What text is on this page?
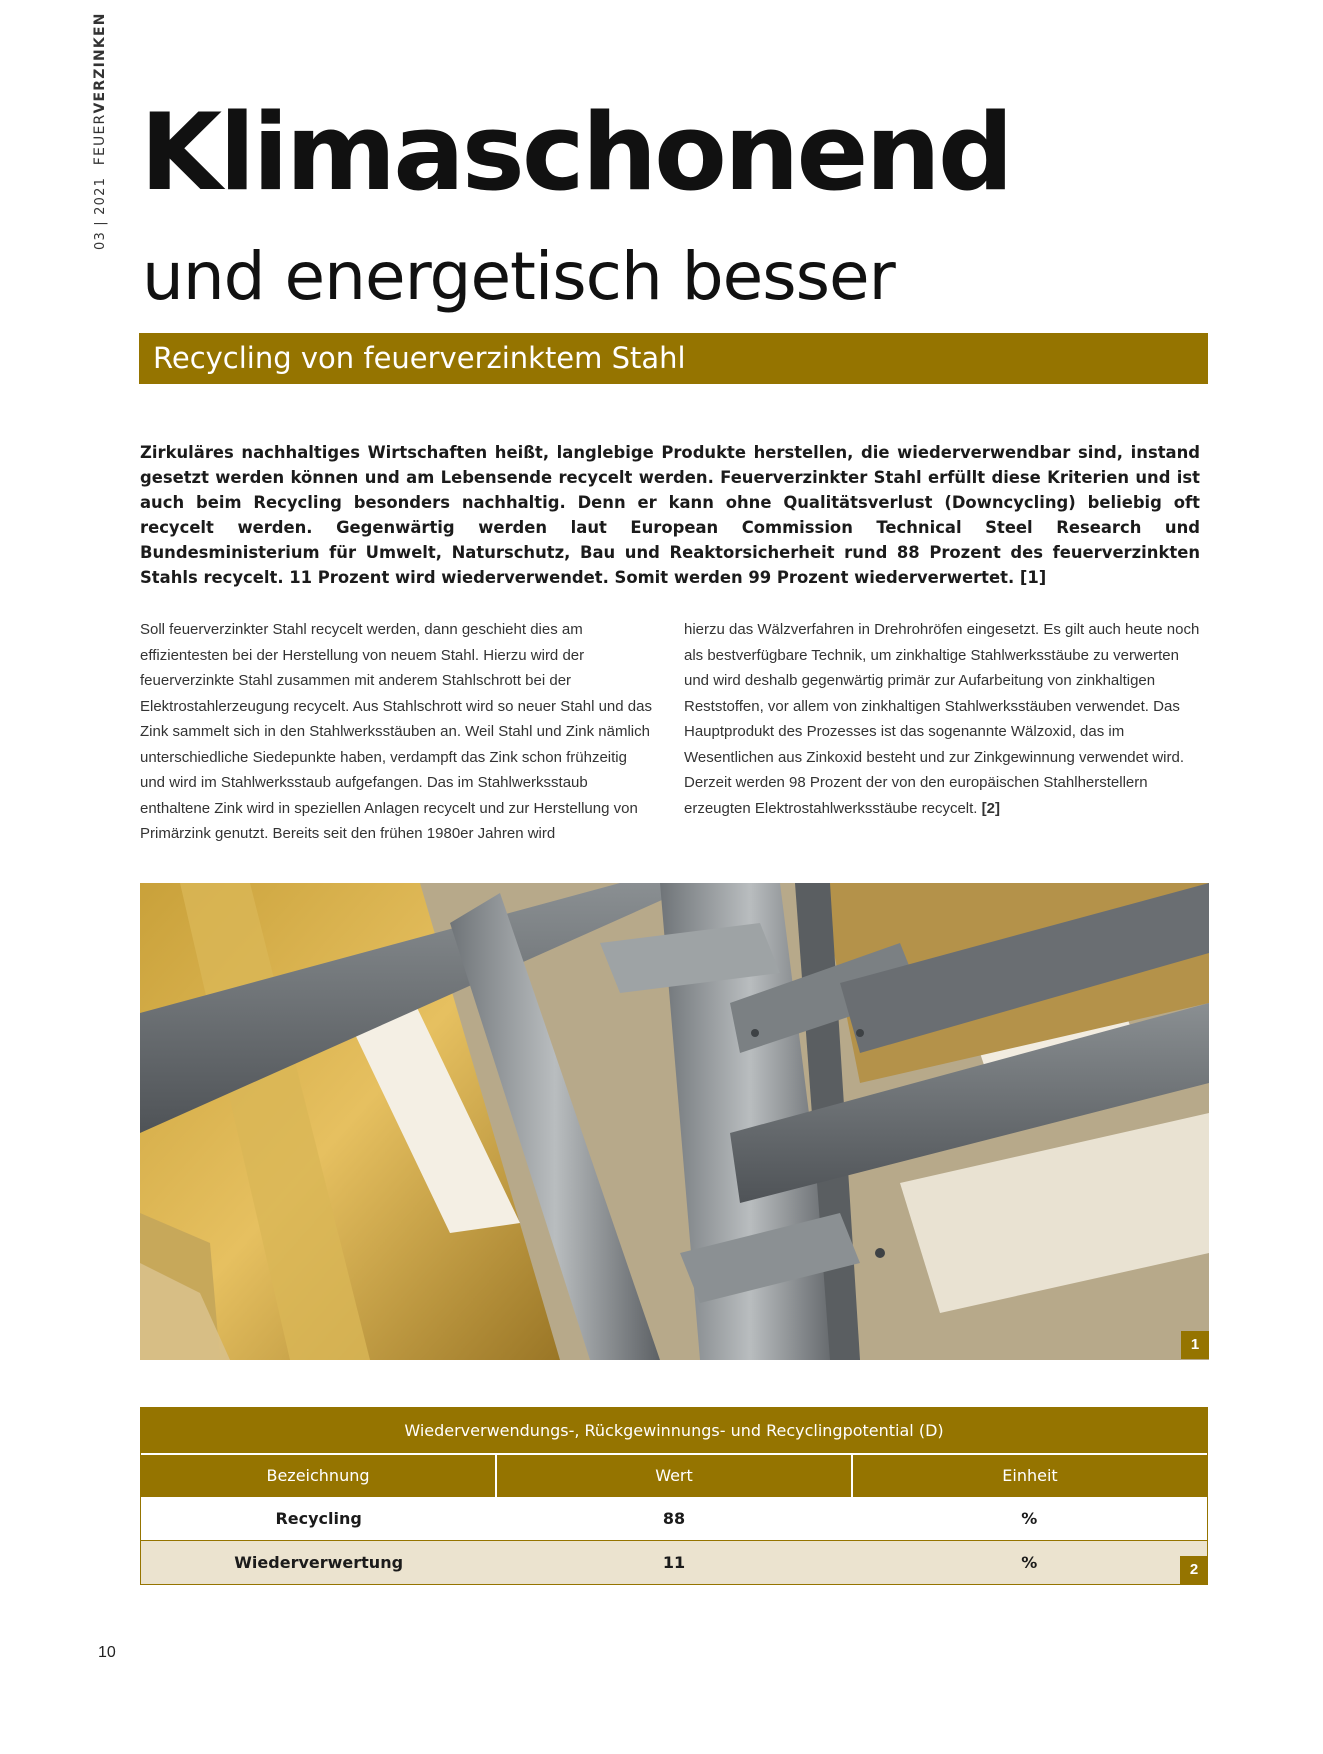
03 | 2021 FEUERVERZINKEN
Klimaschonend
und energetisch besser
Recycling von feuerverzinktem Stahl

Zirkuläres nachhaltiges Wirtschaften heißt, langlebige Produkte herstellen, die wiederverwendbar sind, instand gesetzt werden können und am Lebensende recycelt werden. Feuerverzinkter Stahl erfüllt diese Kriterien und ist auch beim Recycling besonders nachhaltig. Denn er kann ohne Qualitätsverlust (Downcycling) beliebig oft recycelt werden. Gegenwärtig werden laut European Commission Technical Steel Research und Bundesministerium für Umwelt, Naturschutz, Bau und Reaktorsicherheit rund 88 Prozent des feuerverzinkten Stahls recycelt. 11 Prozent wird wiederverwendet. Somit werden 99 Prozent wiederverwertet. [1]

Soll feuerverzinkter Stahl recycelt werden, dann geschieht dies am effizientesten bei der Herstellung von neuem Stahl. Hierzu wird der feuerverzinkte Stahl zusammen mit anderem Stahlschrott bei der Elektrostahlerzeugung recycelt. Aus Stahlschrott wird so neuer Stahl und das Zink sammelt sich in den Stahlwerksstäuben an. Weil Stahl und Zink nämlich unterschiedliche Siedepunkte haben, verdampft das Zink schon frühzeitig und wird im Stahlwerksstaub aufgefangen. Das im Stahlwerksstaub enthaltene Zink wird in speziellen Anlagen recycelt und zur Herstellung von Primärzink genutzt. Bereits seit den frühen 1980er Jahren wird

hierzu das Wälzverfahren in Drehrohröfen eingesetzt. Es gilt auch heute noch als bestverfügbare Technik, um zinkhaltige Stahlwerksstäube zu verwerten und wird deshalb gegenwärtig primär zur Aufarbeitung von zinkhaltigen Reststoffen, vor allem von zinkhaltigen Stahlwerksstäuben verwendet. Das Hauptprodukt des Prozesses ist das sogenannte Wälzoxid, das im Wesentlichen aus Zinkoxid besteht und zur Zinkgewinnung verwendet wird. Derzeit werden 98 Prozent der von den europäischen Stahlherstellern erzeugten Elektrostahlwerksstäube recycelt. [2]

1
Wiederverwendungs-, Rückgewinnungs- und Recyclingpotential (D)
Bezeichnung	Wert	Einheit
Recycling	88	%
Wiederverwertung	11	%	2
10
